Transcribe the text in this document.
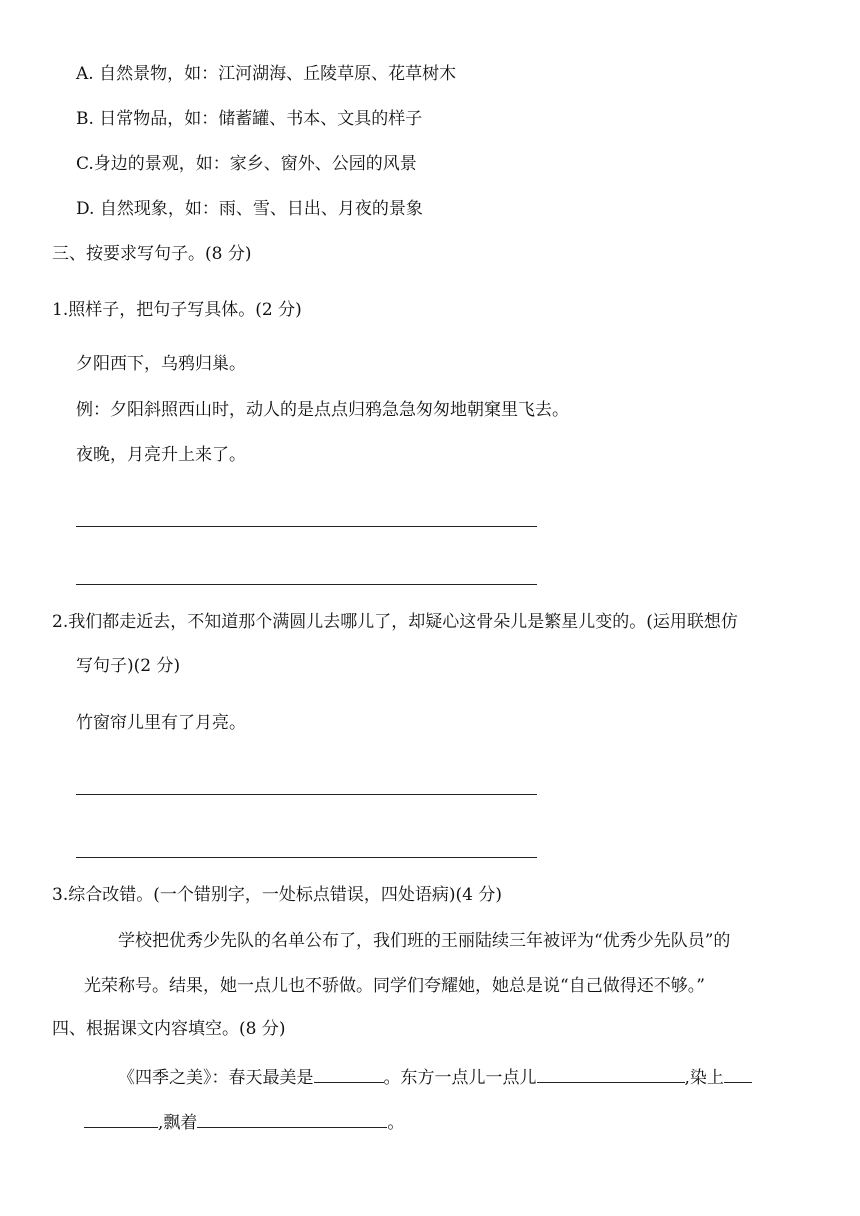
A. 自然景物，如：江河湖海、丘陵草原、花草树木
B. 日常物品，如：储蓄罐、书本、文具的样子
C.身边的景观，如：家乡、窗外、公园的风景
D. 自然现象，如：雨、雪、日出、月夜的景象
三、按要求写句子。(8 分)
1.照样子，把句子写具体。(2 分)
夕阳西下，乌鸦归巢。
例：夕阳斜照西山时，动人的是点点归鸦急急匆匆地朝窠里飞去。
夜晚，月亮升上来了。
2.我们都走近去，不知道那个满圆儿去哪儿了，却疑心这骨朵儿是繁星儿变的。(运用联想仿
写句子)(2 分)
竹窗帘儿里有了月亮。
3.综合改错。(一个错别字，一处标点错误，四处语病)(4 分)
学校把优秀少先队的名单公布了，我们班的王丽陆续三年被评为“优秀少先队员”的
光荣称号。结果，她一点儿也不骄做。同学们夸耀她，她总是说“自己做得还不够。”
四、根据课文内容填空。(8 分)
《四季之美》：春天最美是	。东方一点儿一点儿	,染上
,飘着	。
